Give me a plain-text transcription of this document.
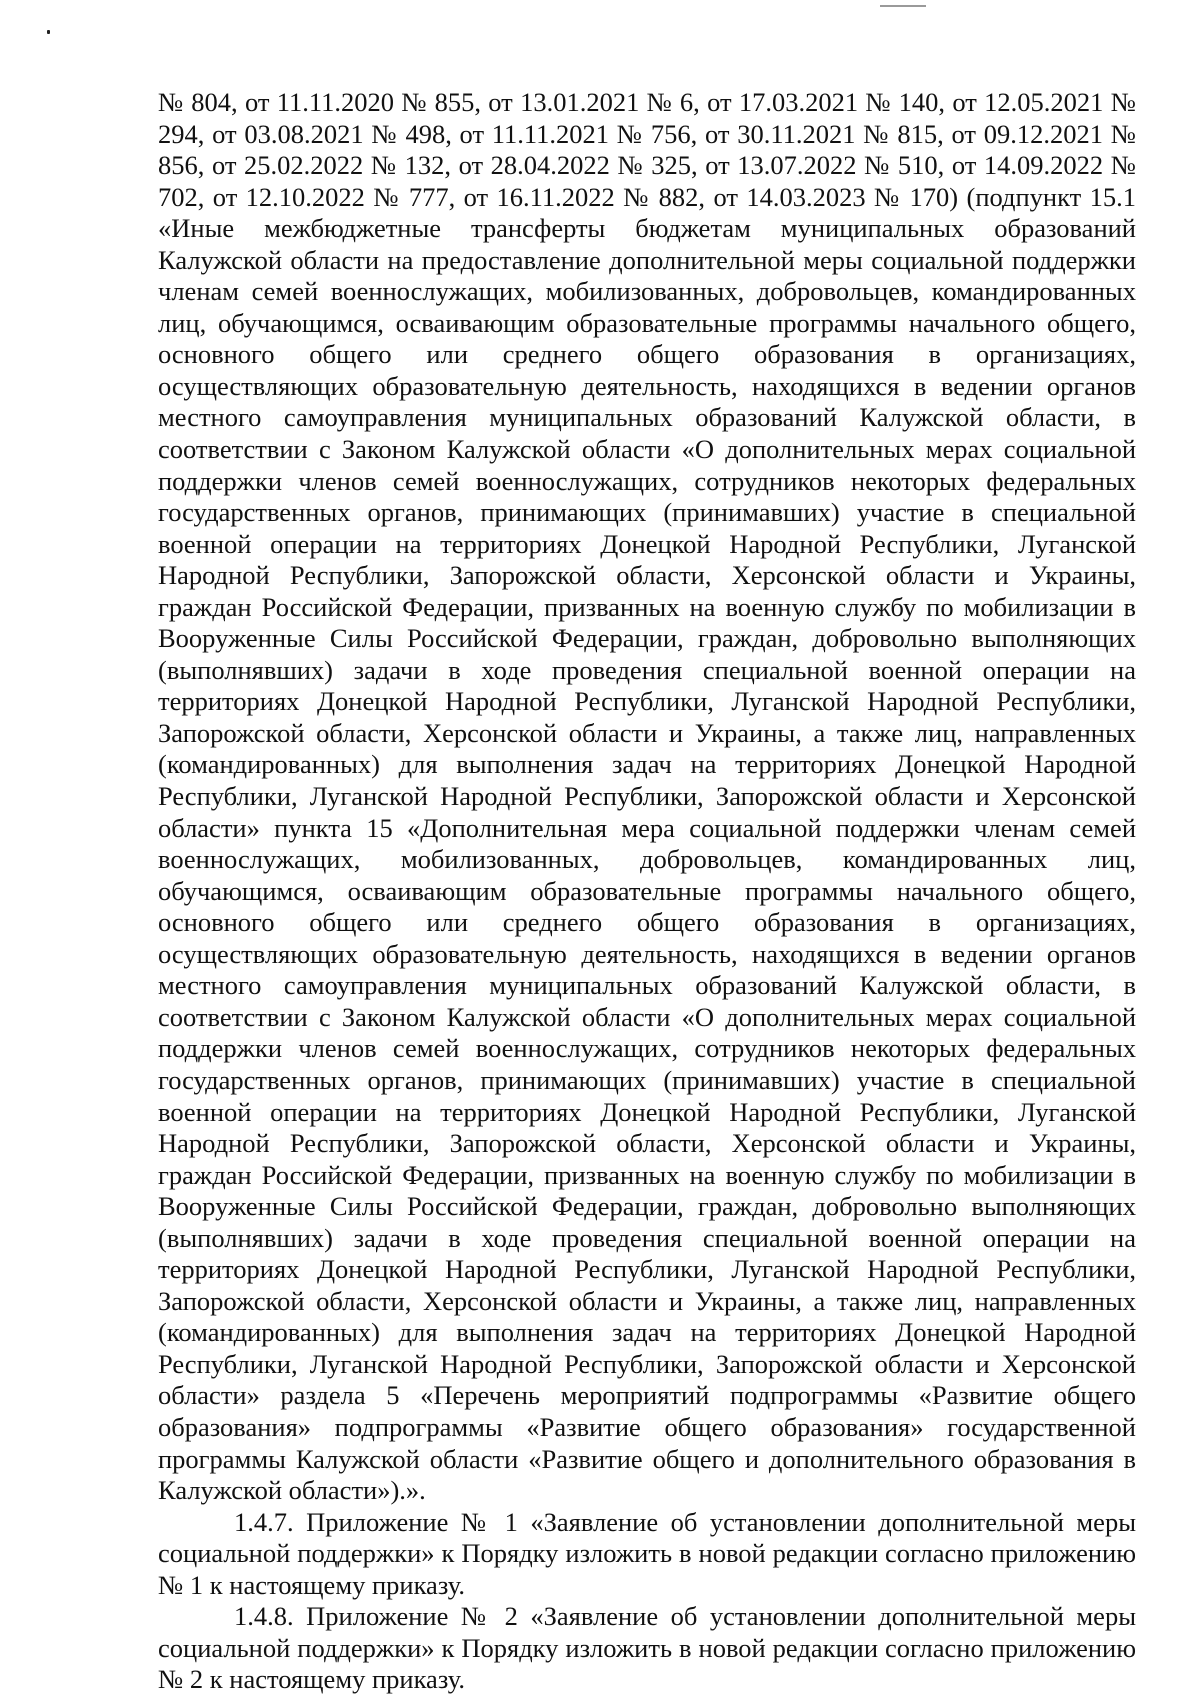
№ 804, от 11.11.2020 № 855, от 13.01.2021 № 6, от 17.03.2021 № 140, от 12.05.2021 № 294, от 03.08.2021 № 498, от 11.11.2021 № 756, от 30.11.2021 № 815, от 09.12.2021 № 856, от 25.02.2022 № 132, от 28.04.2022 № 325, от 13.07.2022 № 510, от 14.09.2022 № 702, от 12.10.2022 № 777, от 16.11.2022 № 882, от 14.03.2023 № 170) (подпункт 15.1 «Иные межбюджетные трансферты бюджетам муниципальных образований Калужской области на предоставление дополнительной меры социальной поддержки членам семей военнослужащих, мобилизованных, добровольцев, командированных лиц, обучающимся, осваивающим образовательные программы начального общего, основного общего или среднего общего образования в организациях, осуществляющих образовательную деятельность, находящихся в ведении органов местного самоуправления муниципальных образований Калужской области, в соответствии с Законом Калужской области «О дополнительных мерах социальной поддержки членов семей военнослужащих, сотрудников некоторых федеральных государственных органов, принимающих (принимавших) участие в специальной военной операции на территориях Донецкой Народной Республики, Луганской Народной Республики, Запорожской области, Херсонской области и Украины, граждан Российской Федерации, призванных на военную службу по мобилизации в Вооруженные Силы Российской Федерации, граждан, добровольно выполняющих (выполнявших) задачи в ходе проведения специальной военной операции на территориях Донецкой Народной Республики, Луганской Народной Республики, Запорожской области, Херсонской области и Украины, а также лиц, направленных (командированных) для выполнения задач на территориях Донецкой Народной Республики, Луганской Народной Республики, Запорожской области и Херсонской области» пункта 15 «Дополнительная мера социальной поддержки членам семей военнослужащих, мобилизованных, добровольцев, командированных лиц, обучающимся, осваивающим образовательные программы начального общего, основного общего или среднего общего образования в организациях, осуществляющих образовательную деятельность, находящихся в ведении органов местного самоуправления муниципальных образований Калужской области, в соответствии с Законом Калужской области «О дополнительных мерах социальной поддержки членов семей военнослужащих, сотрудников некоторых федеральных государственных органов, принимающих (принимавших) участие в специальной военной операции на территориях Донецкой Народной Республики, Луганской Народной Республики, Запорожской области, Херсонской области и Украины, граждан Российской Федерации, призванных на военную службу по мобилизации в Вооруженные Силы Российской Федерации, граждан, добровольно выполняющих (выполнявших) задачи в ходе проведения специальной военной операции на территориях Донецкой Народной Республики, Луганской Народной Республики, Запорожской области, Херсонской области и Украины, а также лиц, направленных (командированных) для выполнения задач на территориях Донецкой Народной Республики, Луганской Народной Республики, Запорожской области и Херсонской области» раздела 5 «Перечень мероприятий подпрограммы «Развитие общего образования» подпрограммы «Развитие общего образования» государственной программы Калужской области «Развитие общего и дополнительного образования в Калужской области»).».

1.4.7. Приложение № 1 «Заявление об установлении дополнительной меры социальной поддержки» к Порядку изложить в новой редакции согласно приложению № 1 к настоящему приказу.

1.4.8. Приложение № 2 «Заявление об установлении дополнительной меры социальной поддержки» к Порядку изложить в новой редакции согласно приложению № 2 к настоящему приказу.
